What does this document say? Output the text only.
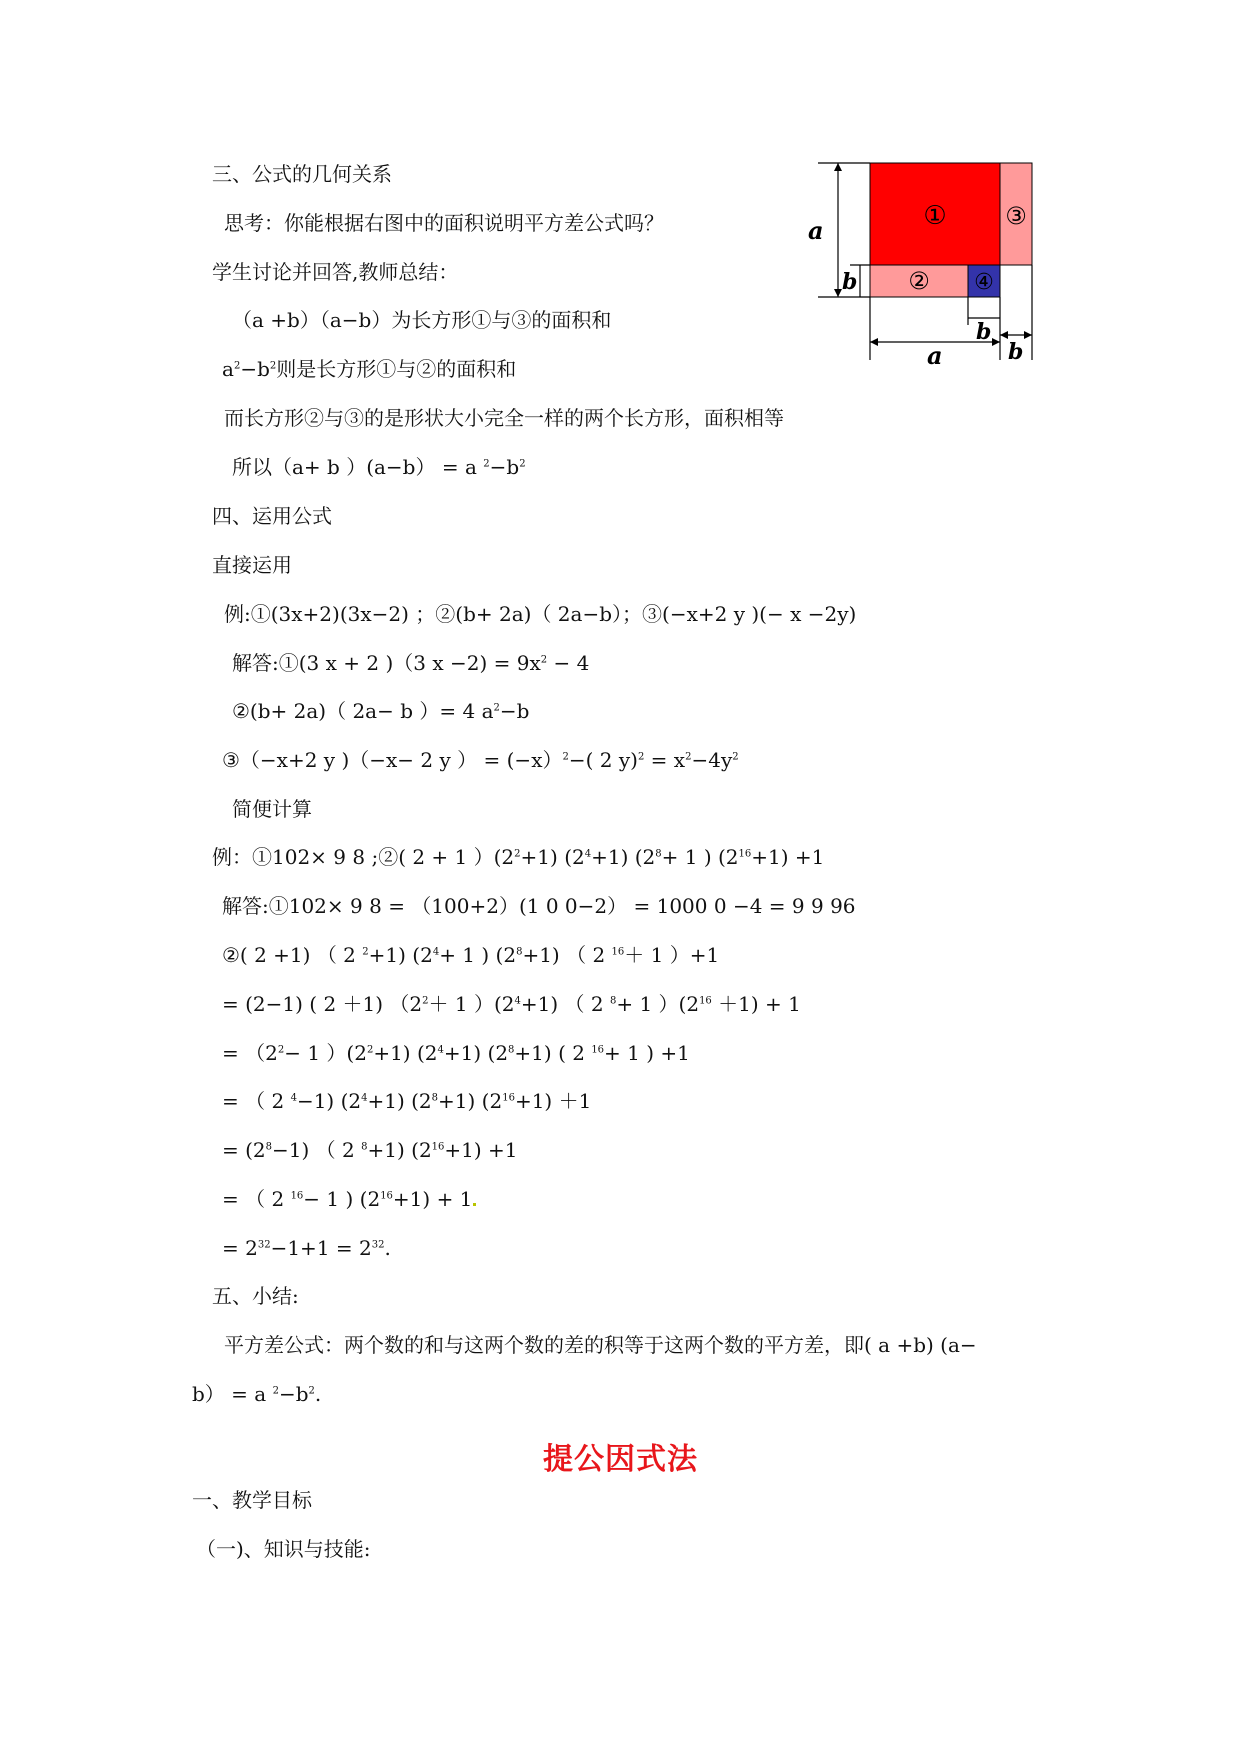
三、公式的几何关系
思考：你能根据右图中的面积说明平方差公式吗？
学生讨论并回答,教师总结：
（a +b）（a−b）为长方形①与③的面积和
$a^2-b^2$则是长方形①与②的面积和
而长方形②与③的是形状大小完全一样的两个长方形，面积相等
所以（a+ b ）(a−b） = a $^2-b^2$
① ③
② ④
a
b
b
a	b
四、运用公式
直接运用
例:①(3x+2)(3x−2) ；②(b+ 2a)（ 2a−b）；③(−x+2 y )(− x −2y)
解答:①(3 x + 2 )（3 $x -2) = 9x^2 - 4$
②(b+ 2a)（ 2a− b ）= 4 $a^2-b$
③（−x+2 y )（−x− 2 y ） = (−x）$^2$−( 2 $y)^2 = x^2-4y^2$
简便计算
例：①102× 9 8 ;②( 2 + 1 ）$(2^2+1)$ $(2^4+1)$ ($2^8+ 1$ ) $(2^{16}+1) +1$
解答:①102× 9 8 = （100+2）(1 0 0−2） = 1000 0 −4 = 9 9 96
②( 2 +1) （ 2 $^2$+1) ($2^4+ 1$ ) $(2^8+1)$ （ 2 $^{16}$＋ 1 ）+1
= (2−1) ( 2 ＋1) （$2^2+ 1$ ）$(2^4+1)$ （ 2 $^8$+ 1 ）$(2^{16} +1) + 1$
= （$2^2- 1$ ）$(2^2+1)$ $(2^4+1)$ $(2^8+1)$ ( 2 $^{16}$+ 1 ) +1
= （ 2 $^4$−1) $(2^4+1)$ $(2^8+1)$ $(2^{16}+1) +1$
= $(2^8-1)$ （ 2 $^8$+1) $(2^{16}+1) +1$
= （ 2 $^{16}$− 1 ) $(2^{16}+1) + 1$
= $2^{32}-1+1 = 2^{32}$.
五、小结:
平方差公式：两个数的和与这两个数的差的积等于这两个数的平方差，即( a +b) (a−
b） = a $^2-b^2$.
提公因式法
一、教学目标
（一)、知识与技能:
